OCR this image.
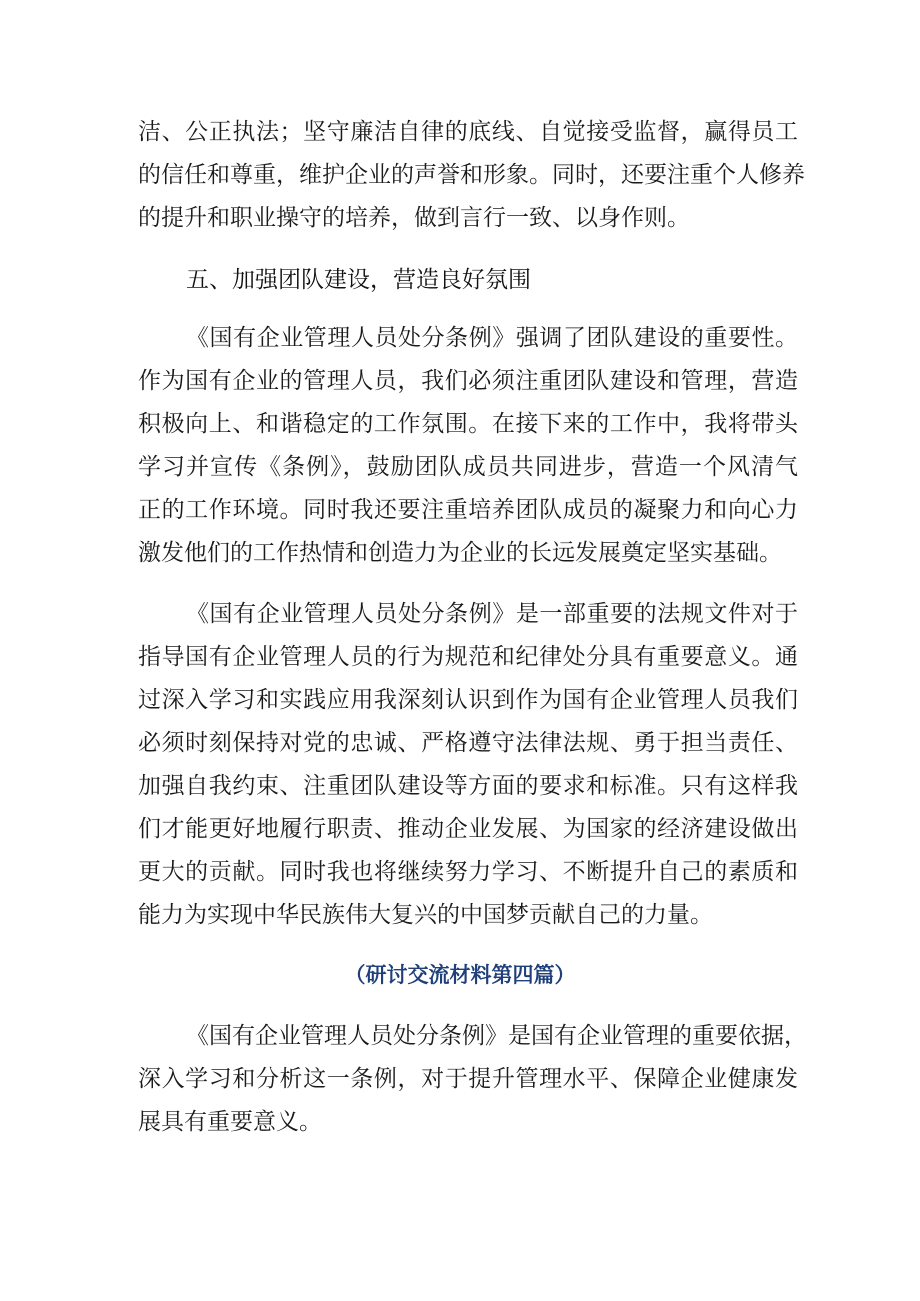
洁、公正执法；坚守廉洁自律的底线、自觉接受监督，赢得员工
的信任和尊重，维护企业的声誉和形象。同时，还要注重个人修养
的提升和职业操守的培养，做到言行一致、以身作则。
五、加强团队建设，营造良好氛围
《国有企业管理人员处分条例》强调了团队建设的重要性。
作为国有企业的管理人员，我们必须注重团队建设和管理，营造
积极向上、和谐稳定的工作氛围。在接下来的工作中，我将带头
学习并宣传《条例》，鼓励团队成员共同进步，营造一个风清气
正的工作环境。同时我还要注重培养团队成员的凝聚力和向心力
激发他们的工作热情和创造力为企业的长远发展奠定坚实基础。
《国有企业管理人员处分条例》是一部重要的法规文件对于
指导国有企业管理人员的行为规范和纪律处分具有重要意义。通
过深入学习和实践应用我深刻认识到作为国有企业管理人员我们
必须时刻保持对党的忠诚、严格遵守法律法规、勇于担当责任、
加强自我约束、注重团队建设等方面的要求和标准。只有这样我
们才能更好地履行职责、推动企业发展、为国家的经济建设做出
更大的贡献。同时我也将继续努力学习、不断提升自己的素质和
能力为实现中华民族伟大复兴的中国梦贡献自己的力量。
（研讨交流材料第四篇）
《国有企业管理人员处分条例》是国有企业管理的重要依据，
深入学习和分析这一条例，对于提升管理水平、保障企业健康发
展具有重要意义。
